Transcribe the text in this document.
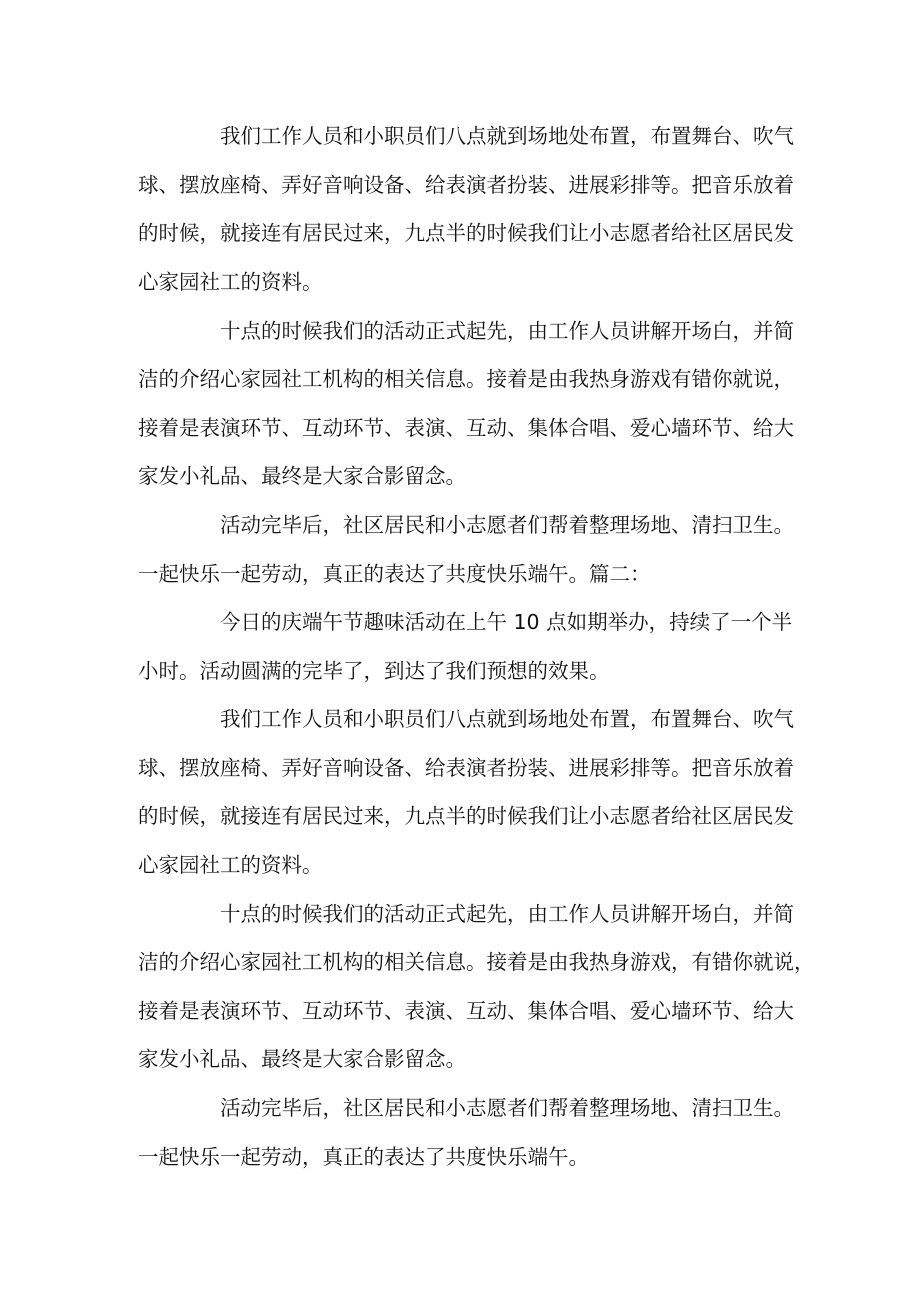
我们工作人员和小职员们八点就到场地处布置，布置舞台、吹气
球、摆放座椅、弄好音响设备、给表演者扮装、进展彩排等。把音乐放着
的时候，就接连有居民过来，九点半的时候我们让小志愿者给社区居民发
心家园社工的资料。
十点的时候我们的活动正式起先，由工作人员讲解开场白，并简
洁的介绍心家园社工机构的相关信息。接着是由我热身游戏有错你就说，
接着是表演环节、互动环节、表演、互动、集体合唱、爱心墙环节、给大
家发小礼品、最终是大家合影留念。
活动完毕后，社区居民和小志愿者们帮着整理场地、清扫卫生。
一起快乐一起劳动，真正的表达了共度快乐端午。篇二：
今日的庆端午节趣味活动在上午 10 点如期举办，持续了一个半
小时。活动圆满的完毕了，到达了我们预想的效果。
我们工作人员和小职员们八点就到场地处布置，布置舞台、吹气
球、摆放座椅、弄好音响设备、给表演者扮装、进展彩排等。把音乐放着
的时候，就接连有居民过来，九点半的时候我们让小志愿者给社区居民发
心家园社工的资料。
十点的时候我们的活动正式起先，由工作人员讲解开场白，并简
洁的介绍心家园社工机构的相关信息。接着是由我热身游戏，有错你就说，
接着是表演环节、互动环节、表演、互动、集体合唱、爱心墙环节、给大
家发小礼品、最终是大家合影留念。
活动完毕后，社区居民和小志愿者们帮着整理场地、清扫卫生。
一起快乐一起劳动，真正的表达了共度快乐端午。
